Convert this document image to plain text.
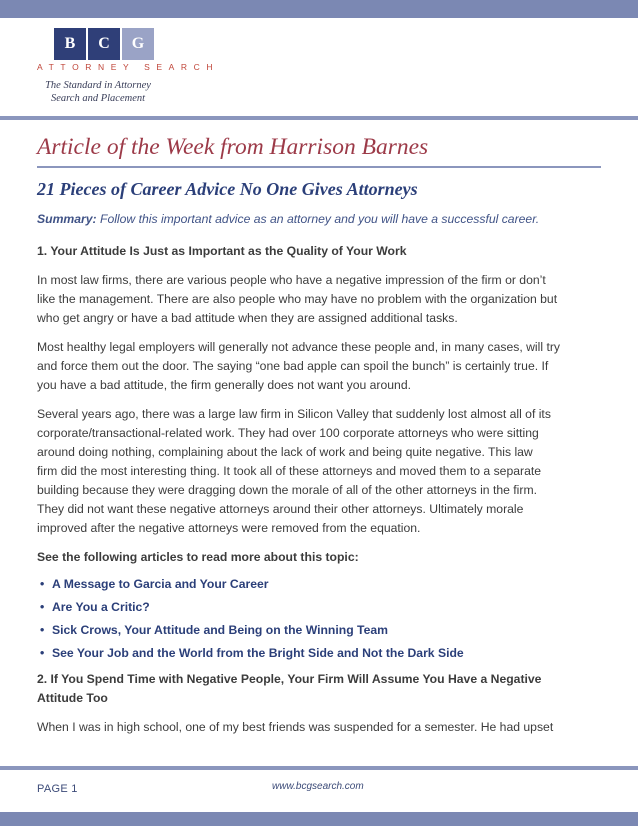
B	C	G
ATTORNEY SEARCH
The Standard in Attorney
Search and Placement
Article of the Week from Harrison Barnes
21 Pieces of Career Advice No One Gives Attorneys
Summary: Follow this important advice as an attorney and you will have a successful career.

1. Your Attitude Is Just as Important as the Quality of Your Work

In most law firms, there are various people who have a negative impression of the firm or don’t
like the management. There are also people who may have no problem with the organization but
who get angry or have a bad attitude when they are assigned additional tasks.
Most healthy legal employers will generally not advance these people and, in many cases, will try
and force them out the door. The saying “one bad apple can spoil the bunch” is certainly true. If
you have a bad attitude, the firm generally does not want you around.
Several years ago, there was a large law firm in Silicon Valley that suddenly lost almost all of its
corporate/transactional-related work. They had over 100 corporate attorneys who were sitting
around doing nothing, complaining about the lack of work and being quite negative. This law
firm did the most interesting thing. It took all of these attorneys and moved them to a separate
building because they were dragging down the morale of all of the other attorneys in the firm.
They did not want these negative attorneys around their other attorneys. Ultimately morale
improved after the negative attorneys were removed from the equation.

See the following articles to read more about this topic:

• A Message to Garcia and Your Career
• Are You a Critic?
• Sick Crows, Your Attitude and Being on the Winning Team
• See Your Job and the World from the Bright Side and Not the Dark Side

2. If You Spend Time with Negative People, Your Firm Will Assume You Have a Negative
Attitude Too

When I was in high school, one of my best friends was suspended for a semester. He had upset

PAGE 1	www.bcgsearch.com
